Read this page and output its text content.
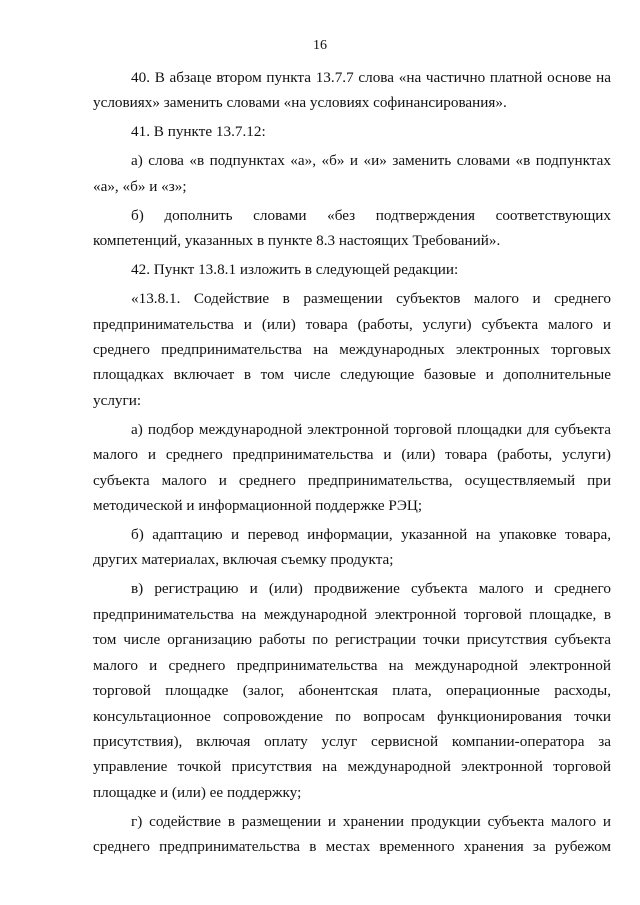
16

40. В абзаце втором пункта 13.7.7 слова «на частично платной основе на условиях» заменить словами «на условиях софинансирования».

41. В пункте 13.7.12:

а) слова «в подпунктах «а», «б» и «и» заменить словами «в подпунктах «а», «б» и «з»;

б) дополнить словами «без подтверждения соответствующих компетенций, указанных в пункте 8.3 настоящих Требований».

42. Пункт 13.8.1 изложить в следующей редакции:

«13.8.1. Содействие в размещении субъектов малого и среднего предпринимательства и (или) товара (работы, услуги) субъекта малого и среднего предпринимательства на международных электронных торговых площадках включает в том числе следующие базовые и дополнительные услуги:

а) подбор международной электронной торговой площадки для субъекта малого и среднего предпринимательства и (или) товара (работы, услуги) субъекта малого и среднего предпринимательства, осуществляемый при методической и информационной поддержке РЭЦ;

б) адаптацию и перевод информации, указанной на упаковке товара, других материалах, включая съемку продукта;

в) регистрацию и (или) продвижение субъекта малого и среднего предпринимательства на международной электронной торговой площадке, в том числе организацию работы по регистрации точки присутствия субъекта малого и среднего предпринимательства на международной электронной торговой площадке (залог, абонентская плата, операционные расходы, консультационное сопровождение по вопросам функционирования точки присутствия), включая оплату услуг сервисной компании-оператора за управление точкой присутствия на международной электронной торговой площадке и (или) ее поддержку;

г) содействие в размещении и хранении продукции субъекта малого и среднего предпринимательства в местах временного хранения за рубежом
